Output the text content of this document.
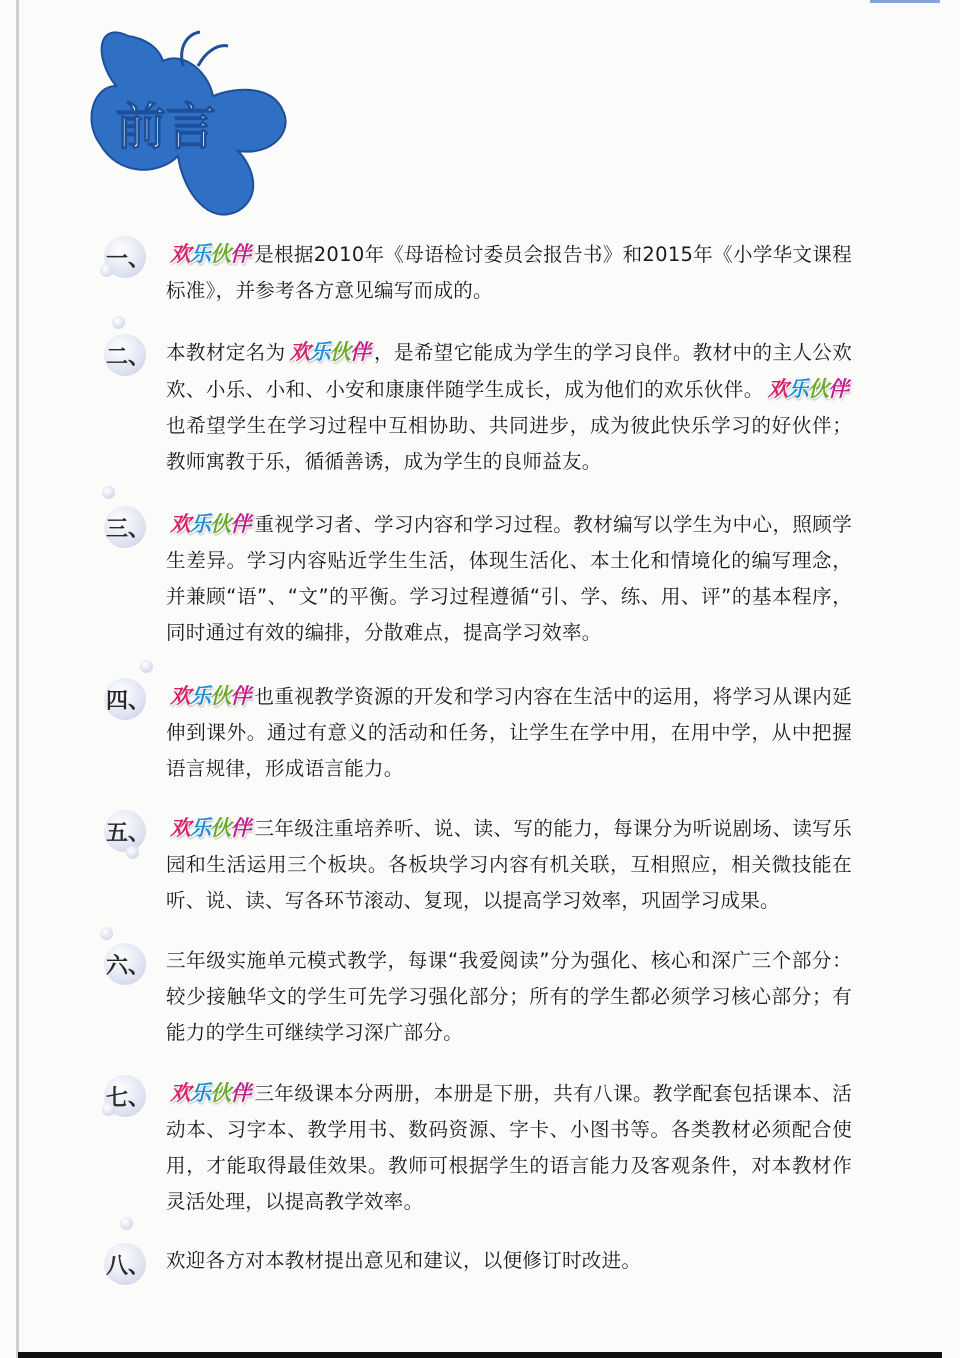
前言
一、 欢乐伙伴 是根据2010年《母语检讨委员会报告书》和2015年《小学华文课程标准》，并参考各方意见编写而成的。
二、 本教材定名为 欢乐伙伴 ，是希望它能成为学生的学习良伴。教材中的主人公欢欢、小乐、小和、小安和康康伴随学生成长，成为他们的欢乐伙伴。 欢乐伙伴也希望学生在学习过程中互相协助、共同进步，成为彼此快乐学习的好伙伴；教师寓教于乐，循循善诱，成为学生的良师益友。
三、 欢乐伙伴 重视学习者、学习内容和学习过程。教材编写以学生为中心，照顾学生差异。学习内容贴近学生生活，体现生活化、本土化和情境化的编写理念，并兼顾“语”、“文”的平衡。学习过程遵循“引、学、练、用、评”的基本程序，同时通过有效的编排，分散难点，提高学习效率。
四、 欢乐伙伴 也重视教学资源的开发和学习内容在生活中的运用，将学习从课内延伸到课外。通过有意义的活动和任务，让学生在学中用，在用中学，从中把握语言规律，形成语言能力。
五、 欢乐伙伴 三年级注重培养听、说、读、写的能力，每课分为听说剧场、读写乐园和生活运用三个板块。各板块学习内容有机关联，互相照应，相关微技能在听、说、读、写各环节滚动、复现，以提高学习效率，巩固学习成果。
六、 三年级实施单元模式教学，每课“我爱阅读”分为强化、核心和深广三个部分：较少接触华文的学生可先学习强化部分；所有的学生都必须学习核心部分；有能力的学生可继续学习深广部分。
七、 欢乐伙伴 三年级课本分两册，本册是下册，共有八课。教学配套包括课本、活动本、习字本、教学用书、数码资源、字卡、小图书等。各类教材必须配合使用，才能取得最佳效果。教师可根据学生的语言能力及客观条件，对本教材作灵活处理，以提高教学效率。
八、 欢迎各方对本教材提出意见和建议，以便修订时改进。
